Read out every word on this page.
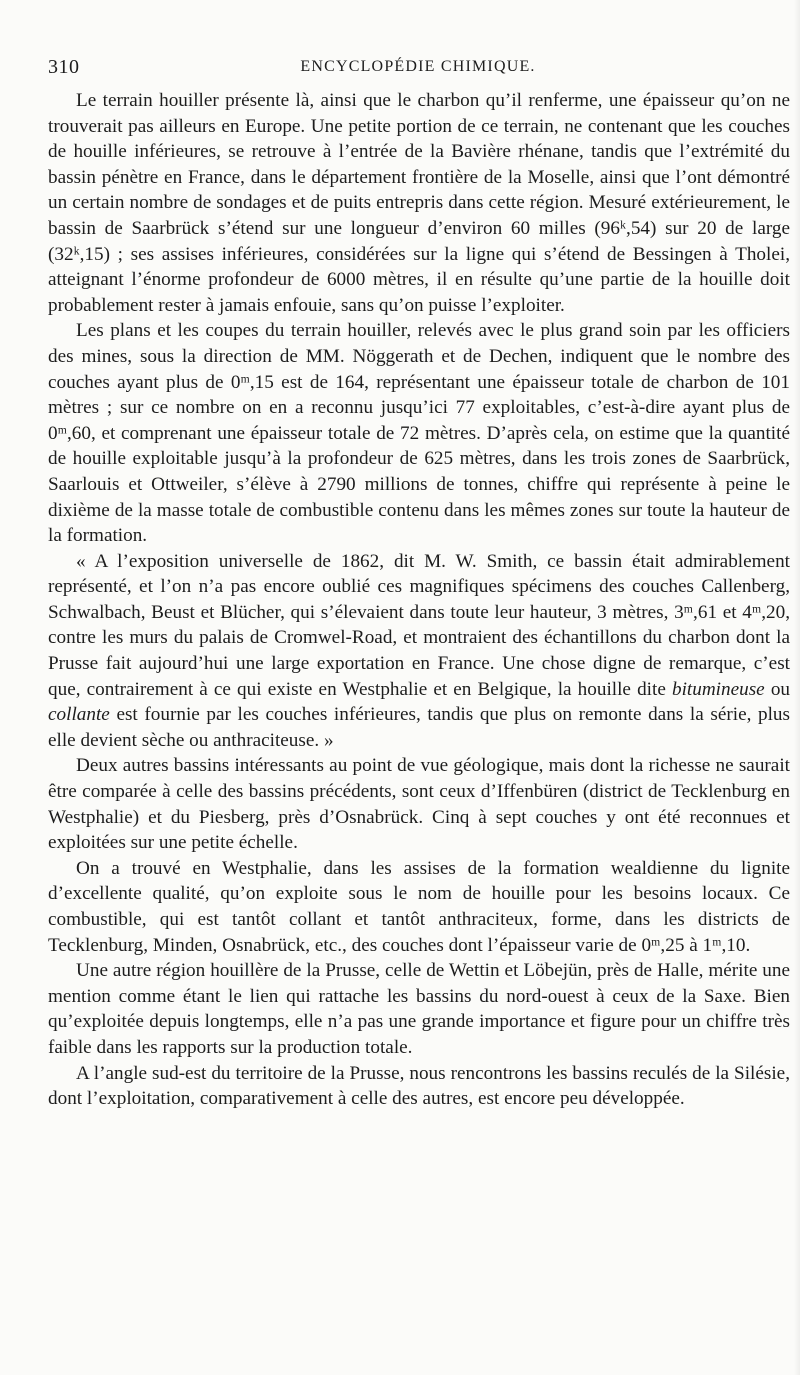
310	ENCYCLOPÉDIE CHIMIQUE.

Le terrain houiller présente là, ainsi que le charbon qu’il renferme, une épaisseur qu’on ne trouverait pas ailleurs en Europe. Une petite portion de ce terrain, ne contenant que les couches de houille inférieures, se retrouve à l’entrée de la Bavière rhénane, tandis que l’extrémité du bassin pénètre en France, dans le département frontière de la Moselle, ainsi que l’ont démontré un certain nombre de sondages et de puits entrepris dans cette région. Mesuré extérieurement, le bassin de Saarbrück s’étend sur une longueur d’environ 60 milles (96ᵏ,54) sur 20 de large (32ᵏ,15) ; ses assises inférieures, considérées sur la ligne qui s’étend de Bessingen à Tholei, atteignant l’énorme profondeur de 6000 mètres, il en résulte qu’une partie de la houille doit probablement rester à jamais enfouie, sans qu’on puisse l’exploiter.

Les plans et les coupes du terrain houiller, relevés avec le plus grand soin par les officiers des mines, sous la direction de MM. Nöggerath et de Dechen, indiquent que le nombre des couches ayant plus de 0ᵐ,15 est de 164, représentant une épaisseur totale de charbon de 101 mètres ; sur ce nombre on en a reconnu jusqu’ici 77 exploitables, c’est-à-dire ayant plus de 0ᵐ,60, et comprenant une épaisseur totale de 72 mètres. D’après cela, on estime que la quantité de houille exploitable jusqu’à la profondeur de 625 mètres, dans les trois zones de Saarbrück, Saarlouis et Ottweiler, s’élève à 2790 millions de tonnes, chiffre qui représente à peine le dixième de la masse totale de combustible contenu dans les mêmes zones sur toute la hauteur de la formation.

« A l’exposition universelle de 1862, dit M. W. Smith, ce bassin était admirablement représenté, et l’on n’a pas encore oublié ces magnifiques spécimens des couches Callenberg, Schwalbach, Beust et Blücher, qui s’élevaient dans toute leur hauteur, 3 mètres, 3ᵐ,61 et 4ᵐ,20, contre les murs du palais de Cromwel-Road, et montraient des échantillons du charbon dont la Prusse fait aujourd’hui une large exportation en France. Une chose digne de remarque, c’est que, contrairement à ce qui existe en Westphalie et en Belgique, la houille dite bitumineuse ou collante est fournie par les couches inférieures, tandis que plus on remonte dans la série, plus elle devient sèche ou anthraciteuse. »

Deux autres bassins intéressants au point de vue géologique, mais dont la richesse ne saurait être comparée à celle des bassins précédents, sont ceux d’Iffenbüren (district de Tecklenburg en Westphalie) et du Piesberg, près d’Osnabrück. Cinq à sept couches y ont été reconnues et exploitées sur une petite échelle.

On a trouvé en Westphalie, dans les assises de la formation wealdienne du lignite d’excellente qualité, qu’on exploite sous le nom de houille pour les besoins locaux. Ce combustible, qui est tantôt collant et tantôt anthraciteux, forme, dans les districts de Tecklenburg, Minden, Osnabrück, etc., des couches dont l’épaisseur varie de 0ᵐ,25 à 1ᵐ,10.

Une autre région houillère de la Prusse, celle de Wettin et Löbejün, près de Halle, mérite une mention comme étant le lien qui rattache les bassins du nord-ouest à ceux de la Saxe. Bien qu’exploitée depuis longtemps, elle n’a pas une grande importance et figure pour un chiffre très faible dans les rapports sur la production totale.

A l’angle sud-est du territoire de la Prusse, nous rencontrons les bassins reculés de la Silésie, dont l’exploitation, comparativement à celle des autres, est encore peu développée.
